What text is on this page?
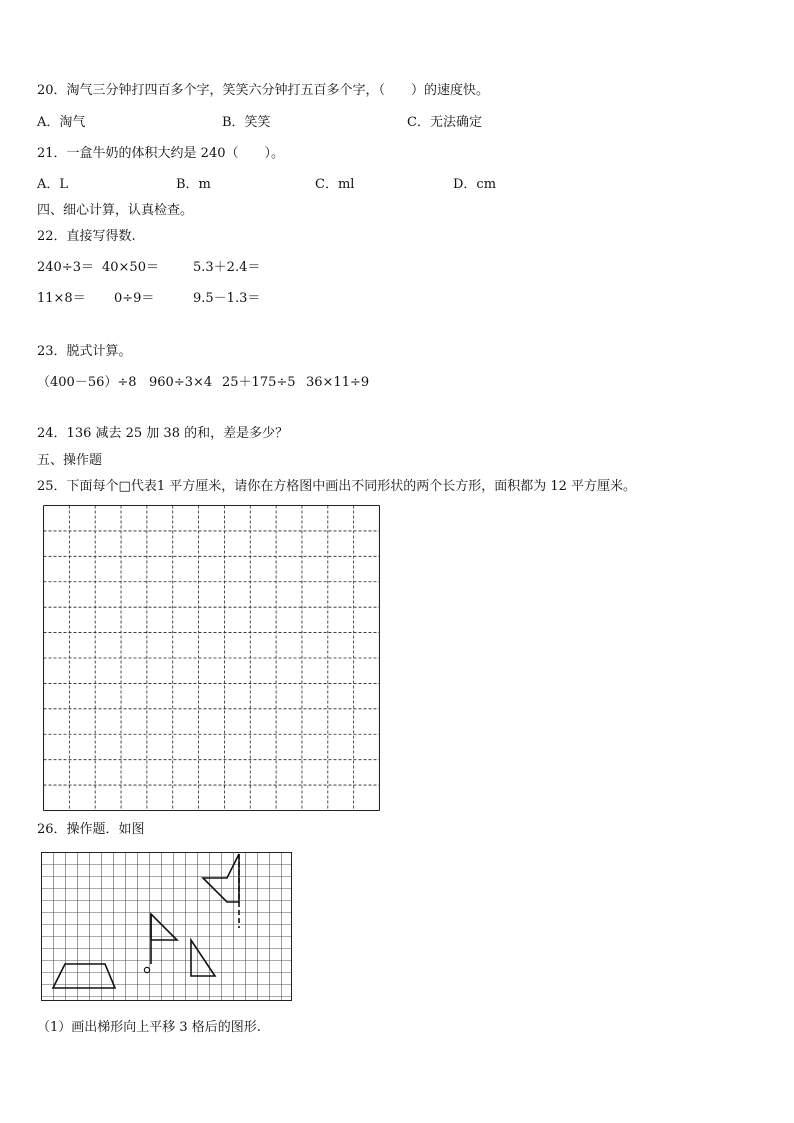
20．淘气三分钟打四百多个字，笑笑六分钟打五百多个字，（　　）的速度快。
A．淘气	B．笑笑	C．无法确定
21．一盒牛奶的体积大约是 240（　　）。
A．L	B．m	C．ml	D．cm
四、细心计算，认真检查。
22．直接写得数.
240÷3＝ 40×50＝	5.3＋2.4＝
11×8＝ 0÷9＝	9.5－1.3＝
23．脱式计算。
（400－56）÷8 960÷3×4 25＋175÷5 36×11÷9
24．136 减去 25 加 38 的和，差是多少？
五、操作题
25．下面每个□代表1 平方厘米，请你在方格图中画出不同形状的两个长方形，面积都为 12 平方厘米。
26．操作题．如图
（1）画出梯形向上平移 3 格后的图形.
